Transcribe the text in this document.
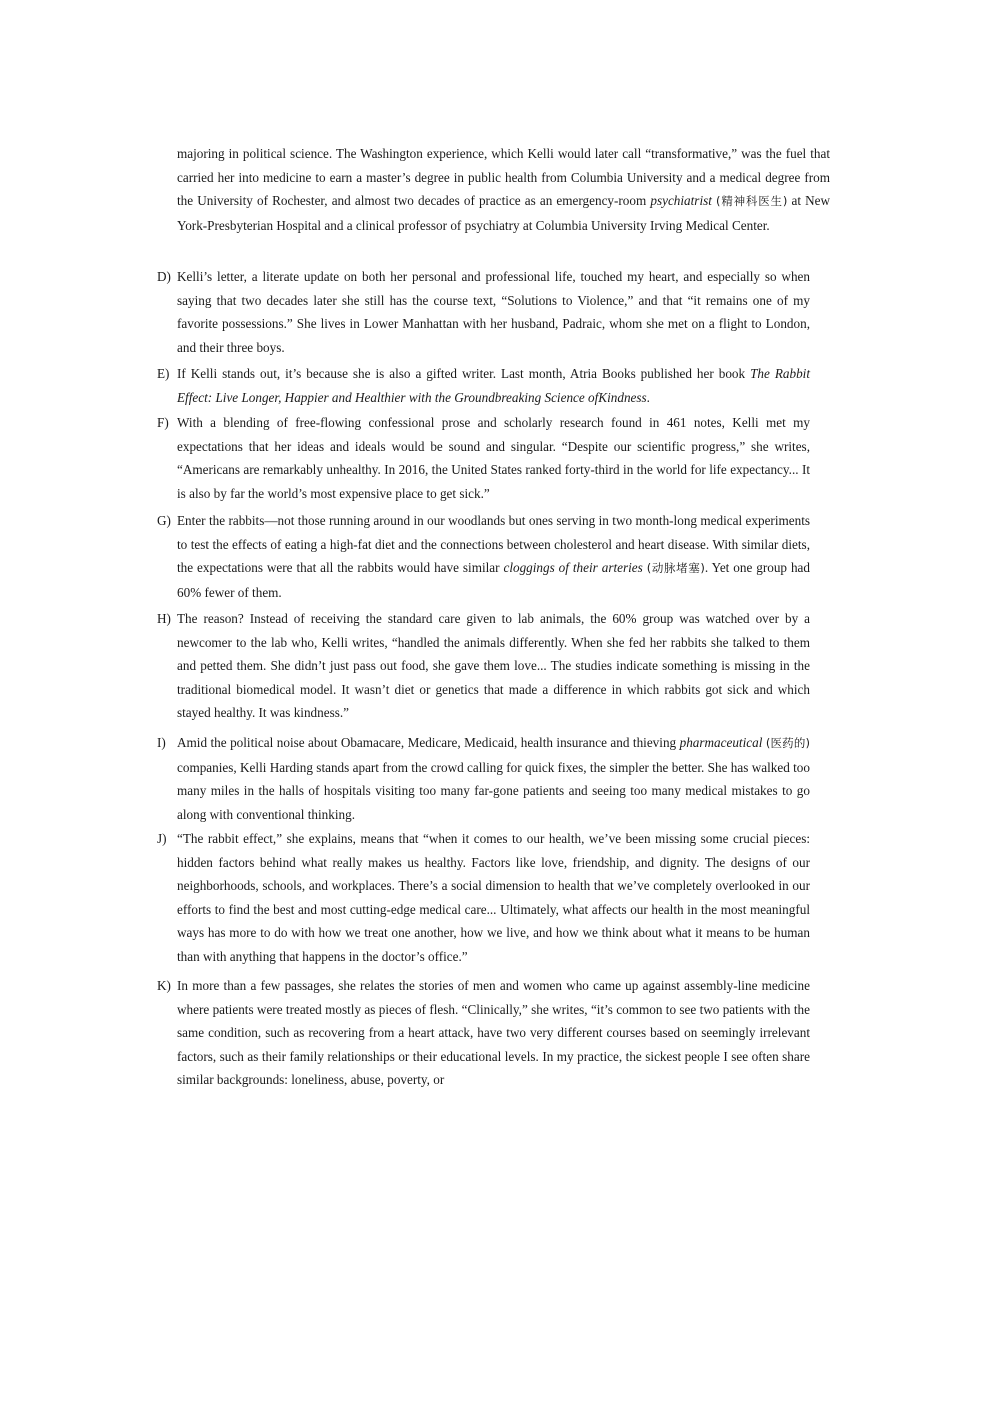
majoring in political science. The Washington experience, which Kelli would later call “transformative,” was the fuel that carried her into medicine to earn a master’s degree in public health from Columbia University and a medical degree from the University of Rochester, and almost two decades of practice as an emergency-room psychiatrist (精神科医生) at New York-Presbyterian Hospital and a clinical professor of psychiatry at Columbia University Irving Medical Center.
D) Kelli’s letter, a literate update on both her personal and professional life, touched my heart, and especially so when saying that two decades later she still has the course text, “Solutions to Violence,” and that “it remains one of my favorite possessions.” She lives in Lower Manhattan with her husband, Padraic, whom she met on a flight to London, and their three boys.
E) If Kelli stands out, it’s because she is also a gifted writer. Last month, Atria Books published her book The Rabbit Effect: Live Longer, Happier and Healthier with the Groundbreaking Science ofKindness.
F) With a blending of free-flowing confessional prose and scholarly research found in 461 notes, Kelli met my expectations that her ideas and ideals would be sound and singular. “Despite our scientific progress,” she writes, “Americans are remarkably unhealthy. In 2016, the United States ranked forty-third in the world for life expectancy... It is also by far the world’s most expensive place to get sick.”
G) Enter the rabbits—not those running around in our woodlands but ones serving in two month-long medical experiments to test the effects of eating a high-fat diet and the connections between cholesterol and heart disease. With similar diets, the expectations were that all the rabbits would have similar cloggings of their arteries (动脉堵塞). Yet one group had 60% fewer of them.
H) The reason? Instead of receiving the standard care given to lab animals, the 60% group was watched over by a newcomer to the lab who, Kelli writes, “handled the animals differently. When she fed her rabbits she talked to them and petted them. She didn’t just pass out food, she gave them love... The studies indicate something is missing in the traditional biomedical model. It wasn’t diet or genetics that made a difference in which rabbits got sick and which stayed healthy. It was kindness.”
I) Amid the political noise about Obamacare, Medicare, Medicaid, health insurance and thieving pharmaceutical (医药的) companies, Kelli Harding stands apart from the crowd calling for quick fixes, the simpler the better. She has walked too many miles in the halls of hospitals visiting too many far-gone patients and seeing too many medical mistakes to go along with conventional thinking.
J) “The rabbit effect,” she explains, means that “when it comes to our health, we’ve been missing some crucial pieces: hidden factors behind what really makes us healthy. Factors like love, friendship, and dignity. The designs of our neighborhoods, schools, and workplaces. There’s a social dimension to health that we’ve completely overlooked in our efforts to find the best and most cutting-edge medical care... Ultimately, what affects our health in the most meaningful ways has more to do with how we treat one another, how we live, and how we think about what it means to be human than with anything that happens in the doctor’s office.”
K) In more than a few passages, she relates the stories of men and women who came up against assembly-line medicine where patients were treated mostly as pieces of flesh. “Clinically,” she writes, “it’s common to see two patients with the same condition, such as recovering from a heart attack, have two very different courses based on seemingly irrelevant factors, such as their family relationships or their educational levels. In my practice, the sickest people I see often share similar backgrounds: loneliness, abuse, poverty, or
